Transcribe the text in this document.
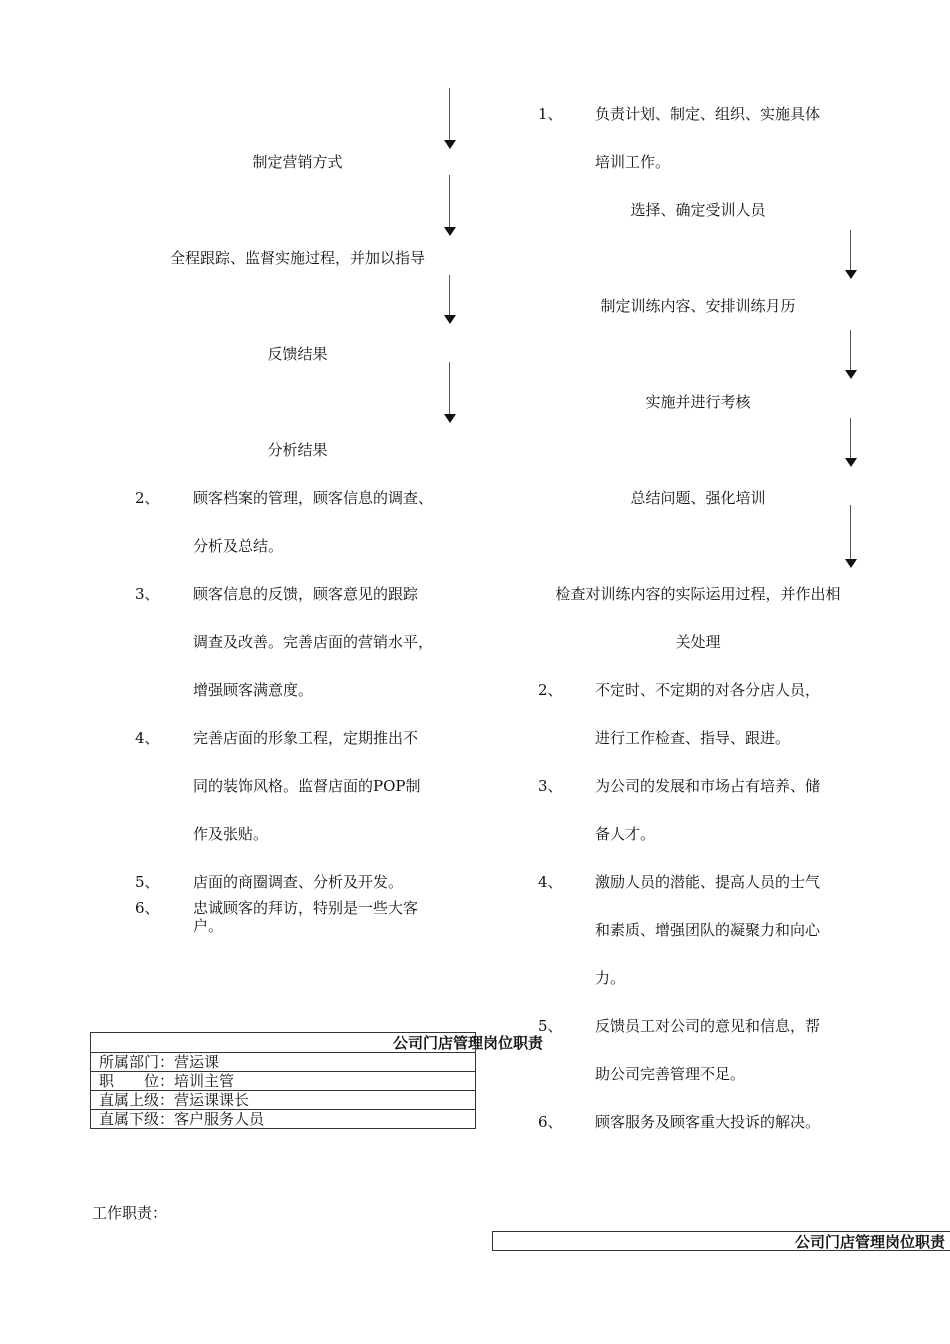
制定营销方式
全程跟踪、监督实施过程，并加以指导
反馈结果
分析结果
2、 顾客档案的管理，顾客信息的调查、
分析及总结。
3、 顾客信息的反馈，顾客意见的跟踪
调查及改善。完善店面的营销水平，
增强顾客满意度。
4、 完善店面的形象工程，定期推出不
同的装饰风格。监督店面的POP制
作及张贴。
5、 店面的商圈调查、分析及开发。
6、 忠诚顾客的拜访，特别是一些大客
户。
1、 负责计划、制定、组织、实施具体
培训工作。
选择、确定受训人员
制定训练内容、安排训练月历
实施并进行考核
总结问题、强化培训
检查对训练内容的实际运用过程，并作出相
关处理
2、 不定时、不定期的对各分店人员，
进行工作检查、指导、跟进。
3、 为公司的发展和市场占有培养、储
备人才。
4、 激励人员的潜能、提高人员的士气
和素质、增强团队的凝聚力和向心
力。
5、 反馈员工对公司的意见和信息，帮
助公司完善管理不足。
6、 顾客服务及顾客重大投诉的解决。
公司门店管理岗位职责
所属部门：营运课
职　　位：培训主管
直属上级：营运课课长
直属下级：客户服务人员
工作职责：
公司门店管理岗位职责
